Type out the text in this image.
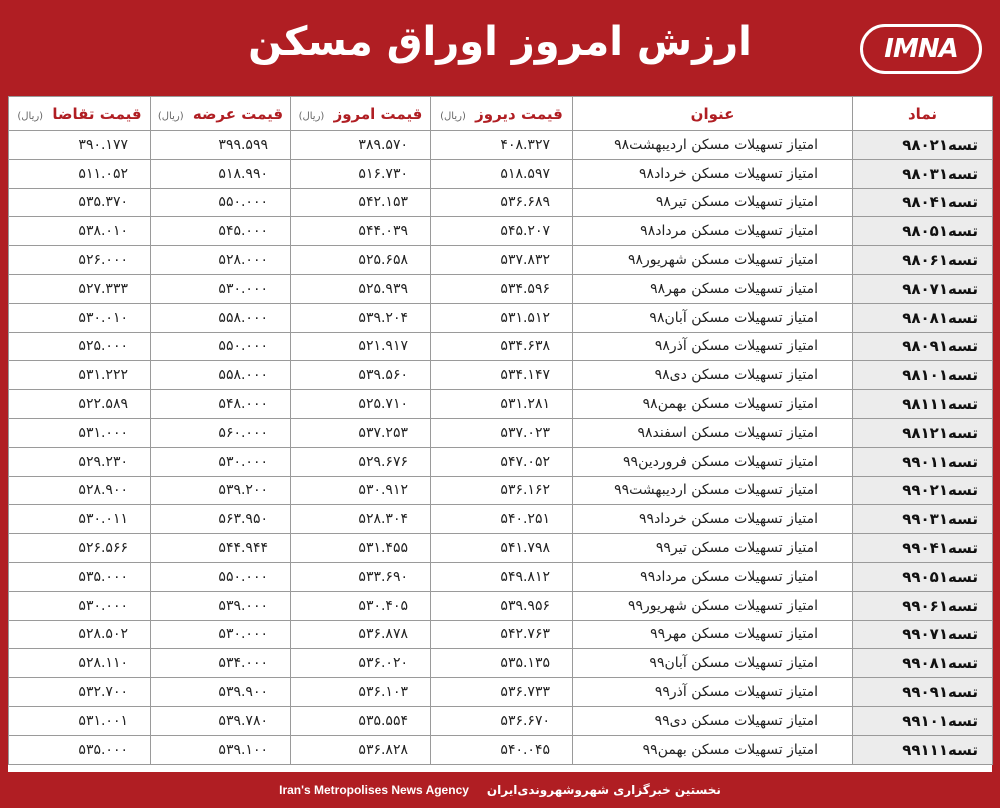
IMNA
ارزش امروز اوراق مسکن
نماد	عنوان	قیمت دیروز (ریال)	قیمت امروز (ریال)	قیمت عرضه (ریال)	قیمت تقاضا (ریال)
تسه۹۸۰۲۱	امتیاز تسهیلات مسکن اردیبهشت۹۸	۴۰۸.۳۲۷	۳۸۹.۵۷۰	۳۹۹.۵۹۹	۳۹۰.۱۷۷
تسه۹۸۰۳۱	امتیاز تسهیلات مسکن خرداد۹۸	۵۱۸.۵۹۷	۵۱۶.۷۳۰	۵۱۸.۹۹۰	۵۱۱.۰۵۲
تسه۹۸۰۴۱	امتیاز تسهیلات مسکن تیر۹۸	۵۳۶.۶۸۹	۵۴۲.۱۵۳	۵۵۰.۰۰۰	۵۳۵.۳۷۰
تسه۹۸۰۵۱	امتیاز تسهیلات مسکن مرداد۹۸	۵۴۵.۲۰۷	۵۴۴.۰۳۹	۵۴۵.۰۰۰	۵۳۸.۰۱۰
تسه۹۸۰۶۱	امتیاز تسهیلات مسکن شهریور۹۸	۵۳۷.۸۳۲	۵۲۵.۶۵۸	۵۲۸.۰۰۰	۵۲۶.۰۰۰
تسه۹۸۰۷۱	امتیاز تسهیلات مسکن مهر۹۸	۵۳۴.۵۹۶	۵۲۵.۹۳۹	۵۳۰.۰۰۰	۵۲۷.۳۳۳
تسه۹۸۰۸۱	امتیاز تسهیلات مسکن آبان۹۸	۵۳۱.۵۱۲	۵۳۹.۲۰۴	۵۵۸.۰۰۰	۵۳۰.۰۱۰
تسه۹۸۰۹۱	امتیاز تسهیلات مسکن آذر۹۸	۵۳۴.۶۳۸	۵۲۱.۹۱۷	۵۵۰.۰۰۰	۵۲۵.۰۰۰
تسه۹۸۱۰۱	امتیاز تسهیلات مسکن دی۹۸	۵۳۴.۱۴۷	۵۳۹.۵۶۰	۵۵۸.۰۰۰	۵۳۱.۲۲۲
تسه۹۸۱۱۱	امتیاز تسهیلات مسکن بهمن۹۸	۵۳۱.۲۸۱	۵۲۵.۷۱۰	۵۴۸.۰۰۰	۵۲۲.۵۸۹
تسه۹۸۱۲۱	امتیاز تسهیلات مسکن اسفند۹۸	۵۳۷.۰۲۳	۵۳۷.۲۵۳	۵۶۰.۰۰۰	۵۳۱.۰۰۰
تسه۹۹۰۱۱	امتیاز تسهیلات مسکن فروردین۹۹	۵۴۷.۰۵۲	۵۲۹.۶۷۶	۵۳۰.۰۰۰	۵۲۹.۲۳۰
تسه۹۹۰۲۱	امتیاز تسهیلات مسکن اردیبهشت۹۹	۵۳۶.۱۶۲	۵۳۰.۹۱۲	۵۳۹.۲۰۰	۵۲۸.۹۰۰
تسه۹۹۰۳۱	امتیاز تسهیلات مسکن خرداد۹۹	۵۴۰.۲۵۱	۵۲۸.۳۰۴	۵۶۳.۹۵۰	۵۳۰.۰۱۱
تسه۹۹۰۴۱	امتیاز تسهیلات مسکن تیر۹۹	۵۴۱.۷۹۸	۵۳۱.۴۵۵	۵۴۴.۹۴۴	۵۲۶.۵۶۶
تسه۹۹۰۵۱	امتیاز تسهیلات مسکن مرداد۹۹	۵۴۹.۸۱۲	۵۳۳.۶۹۰	۵۵۰.۰۰۰	۵۳۵.۰۰۰
تسه۹۹۰۶۱	امتیاز تسهیلات مسکن شهریور۹۹	۵۳۹.۹۵۶	۵۳۰.۴۰۵	۵۳۹.۰۰۰	۵۳۰.۰۰۰
تسه۹۹۰۷۱	امتیاز تسهیلات مسکن مهر۹۹	۵۴۲.۷۶۳	۵۳۶.۸۷۸	۵۳۰.۰۰۰	۵۲۸.۵۰۲
تسه۹۹۰۸۱	امتیاز تسهیلات مسکن آبان۹۹	۵۳۵.۱۳۵	۵۳۶.۰۲۰	۵۳۴.۰۰۰	۵۲۸.۱۱۰
تسه۹۹۰۹۱	امتیاز تسهیلات مسکن آذر۹۹	۵۳۶.۷۳۳	۵۳۶.۱۰۳	۵۳۹.۹۰۰	۵۳۲.۷۰۰
تسه۹۹۱۰۱	امتیاز تسهیلات مسکن دی۹۹	۵۳۶.۶۷۰	۵۳۵.۵۵۴	۵۳۹.۷۸۰	۵۳۱.۰۰۱
تسه۹۹۱۱۱	امتیاز تسهیلات مسکن بهمن۹۹	۵۴۰.۰۴۵	۵۳۶.۸۲۸	۵۳۹.۱۰۰	۵۳۵.۰۰۰
Iran's Metropolises News Agency نخستین خبرگزاری شهروشهروندی‌ایران
